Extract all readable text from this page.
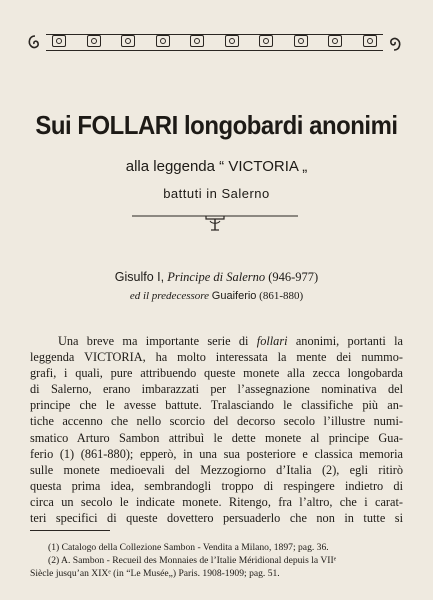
Sui FOLLARI longobardi anonimi
alla leggenda “ VICTORIA „
battuti in Salerno
Gisulfo I, Principe di Salerno (946-977)
ed il predecessore Guaiferio (861-880)
Una breve ma importante serie di follari anonimi, portanti la
leggenda VICTORIA, ha molto interessata la mente dei nummo-
grafi, i quali, pure attribuendo queste monete alla zecca longobarda
di Salerno, erano imbarazzati per l’assegnazione nominativa del
principe che le avesse battute. Tralasciando le classifiche più an-
tiche accenno che nello scorcio del decorso secolo l’illustre numi-
smatico Arturo Sambon attribuì le dette monete al principe Gua-
ferio (1) (861-880); epperò, in una sua posteriore e classica memoria
sulle monete medioevali del Mezzogiorno d’Italia (2), egli ritirò
questa prima idea, sembrandogli troppo di respingere indietro di
circa un secolo le indicate monete. Ritengo, fra l’altro, che i carat-
teri specifici di queste dovettero persuaderlo che non in tutte si
(1) Catalogo della Collezione Sambon - Vendita a Milano, 1897; pag. 36.
(2) A. Sambon - Recueil des Monnaies de l’Italie Méridional depuis la VIIᵉ
Siècle jusqu’an XIXᵉ (in “Le Musée„) Paris. 1908-1909; pag. 51.
